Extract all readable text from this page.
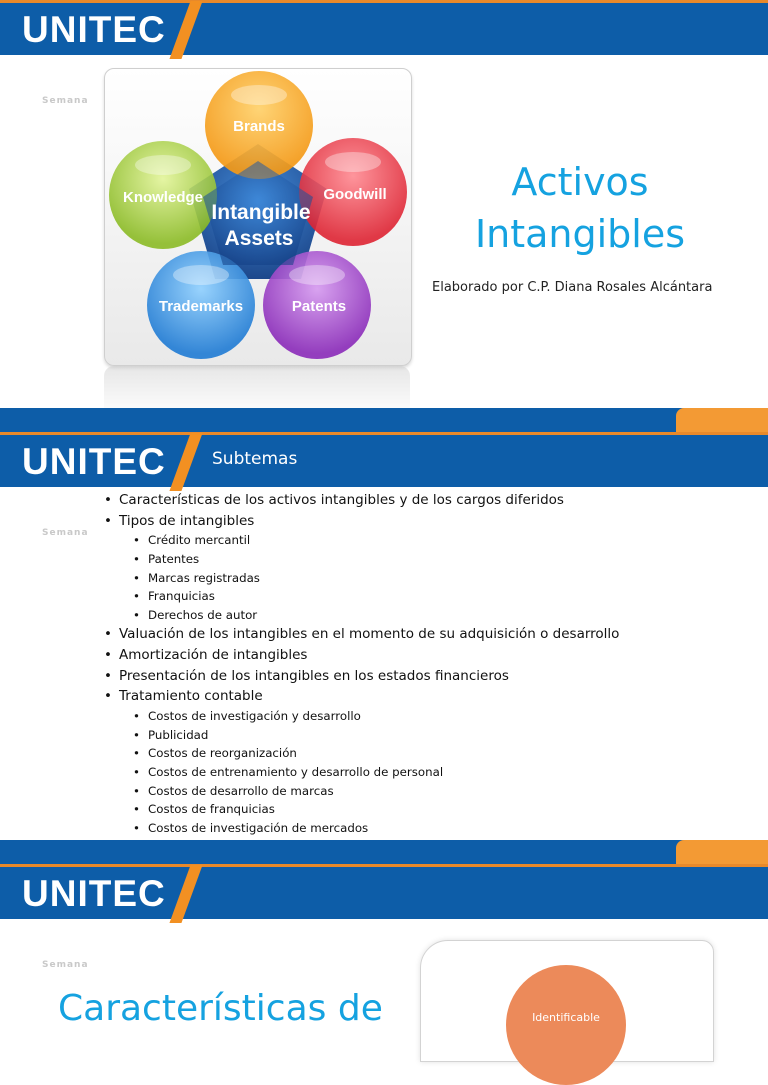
UNITEC
Semana
Brands
Goodwill
Patents
Trademarks
Knowledge
Intangible
Assets
Activos
Intangibles
Elaborado por C.P. Diana Rosales Alcántara
UNITEC	Subtemas
Semana
• Características de los activos intangibles y de los cargos diferidos
• Tipos de intangibles
• Crédito mercantil
• Patentes
• Marcas registradas
• Franquicias
• Derechos de autor
• Valuación de los intangibles en el momento de su adquisición o desarrollo
• Amortización de intangibles
• Presentación de los intangibles en los estados financieros
• Tratamiento contable
• Costos de investigación y desarrollo
• Publicidad
• Costos de reorganización
• Costos de entrenamiento y desarrollo de personal
• Costos de desarrollo de marcas
• Costos de franquicias
• Costos de investigación de mercados
UNITEC
Semana
Identificable
Características de
